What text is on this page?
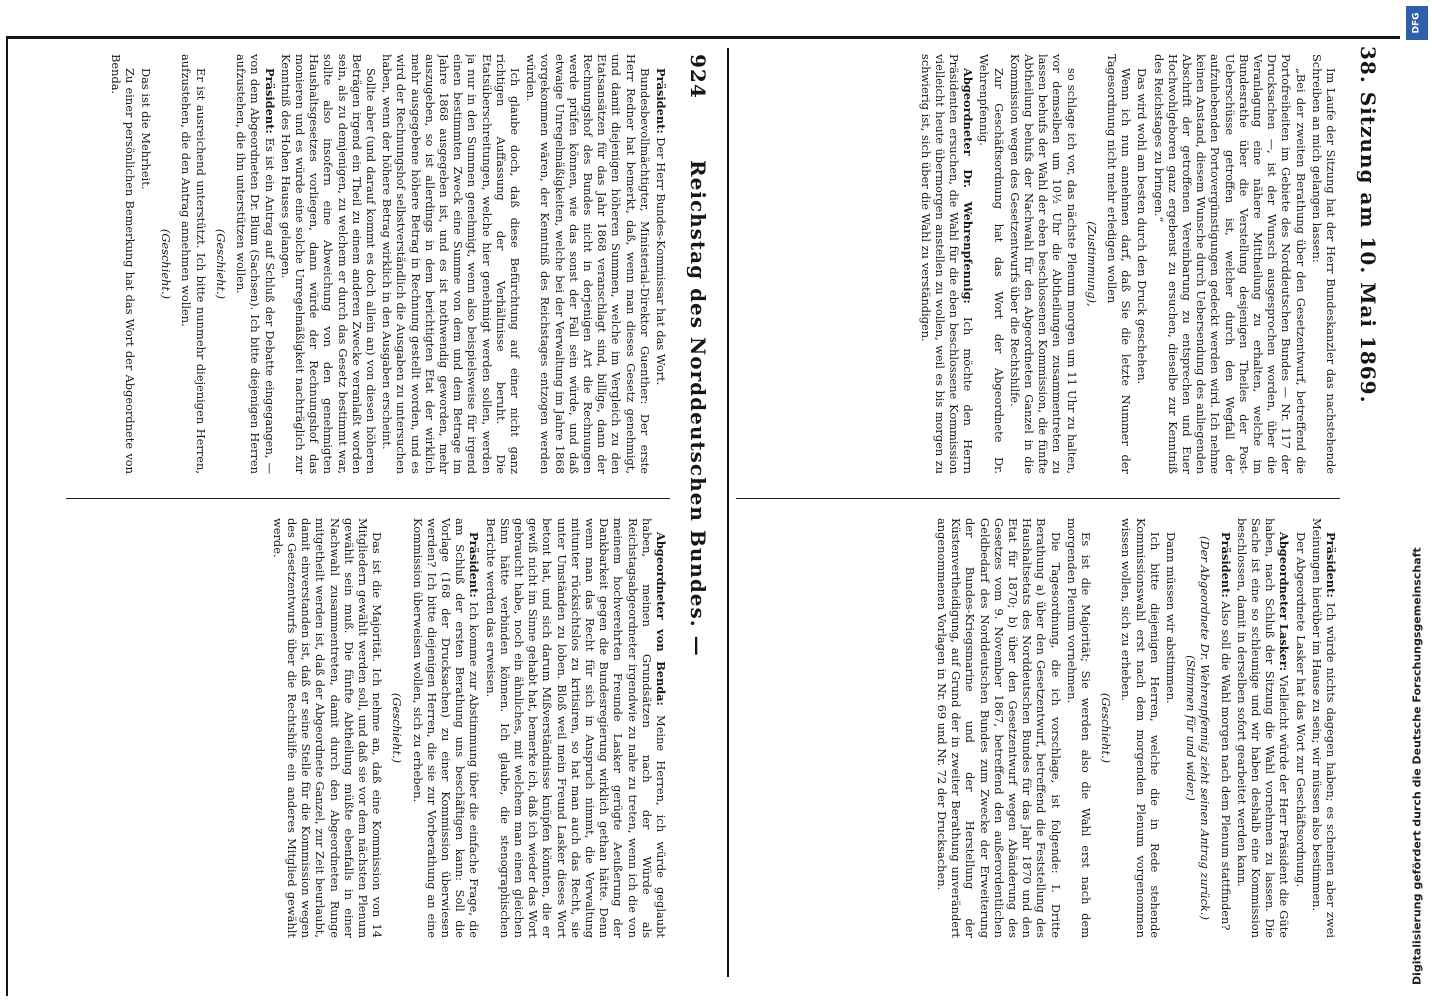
DFG
Digitalisierung gefördert durch die Deutsche Forschungsgemeinschaft
38. Sitzung am 10. Mai 1869.

Im Laufe der Sitzung hat der Herr Bundeskanzler das nachstehende Schreiben an mich gelangen lassen:

„Bei der zweiten Berathung über den Gesetzentwurf, betreffend die Portofreiheiten im Gebiete des Norddeutschen Bundes — Nr. 117 der Drucksachen —, ist der Wunsch ausgesprochen worden, über die Veranlagung eine nähere Mittheilung zu erhalten, welche im Bundesrathe über die Verstellung desjenigen Theiles der Post-Ueberschüsse getroffen ist, welcher durch den Wegfall der aufzuhebenden Portovergünstigungen gedeckt werden wird. Ich nehme keinen Anstand, diesem Wunsche durch Uebersendung des anliegenden Abschrift der getroffenen Vereinbarung zu entsprechen und Euer Hochwohlgeboren ganz ergebenst zu ersuchen, dieselbe zur Kenntniß des Reichstages zu bringen.“

Das wird wohl am besten durch den Druck geschehen.

Wenn ich nun annehmen darf, daß Sie die letzte Nummer der Tagesordnung nicht mehr erledigen wollen

(Zustimmung),

so schlage ich vor, das nächste Plenum morgen um 11 Uhr zu halten, vor demselben um 10½ Uhr die Abtheilungen zusammentreten zu lassen behufs der Wahl der eben beschlossenen Kommission, die fünfte Abtheilung behufs der Nachwahl für den Abgeordneten Ganzel in die Kommission wegen des Gesetzentwurfs über die Rechtshilfe.

Zur Geschäftsordnung hat das Wort der Abgeordnete Dr. Wehrenpfennig.

Abgeordneter Dr. Wehrenpfennig: Ich möchte den Herrn Präsidenten ersuchen, die Wahl für die eben beschlossene Kommission vielleicht heute übermorgen anstellen zu wollen, weil es bis morgen zu schwierig ist, sich über die Wahl zu verständigen.

Präsident: Ich würde nichts dagegen haben; es scheinen aber zwei Meinungen hierüber im Hause zu sein; wir müssen also bestimmen.

Der Abgeordnete Lasker hat das Wort zur Geschäftsordnung.

Abgeordneter Lasker: Vielleicht würde der Herr Präsident die Güte haben, nach Schluß der Sitzung die Wahl vornehmen zu lassen. Die Sache ist eine so schleunige und wir haben deshalb eine Kommission beschlossen, damit in derselben sofort gearbeitet werden kann.

Präsident: Also soll die Wahl morgen nach dem Plenum stattfinden?

(Der Abgeordnete Dr. Wehrenpfennig zieht seinen Antrag zurück.) (Stimmen für und wider.)

Dann müssen wir abstimmen.

Ich bitte diejenigen Herren, welche die in Rede stehende Kommissionswahl erst nach dem morgenden Plenum vorgenommen wissen wollen, sich zu erheben.

(Geschieht.)

Es ist die Majorität; Sie werden also die Wahl erst nach dem morgenden Plenum vornehmen.

Die Tagesordnung, die ich vorschlage, ist folgende: I. Dritte Berathung a) über den Gesetzentwurf, betreffend die Feststellung des Haushaltsetats des Norddeutschen Bundes für das Jahr 1870 und den Etat für 1870; b) über den Gesetzentwurf wegen Abänderung des Gesetzes vom 9. November 1867, betreffend den außerordentlichen Geldbedarf des Norddeutschen Bundes zum Zwecke der Erweiterung der Bundes-Kriegsmarine und der Herstellung der Küstenvertheidigung, auf Grund der in zweiter Berathung unverändert angenommenen Vorlagen in Nr. 69 und Nr. 72 der Drucksachen.

924
Reichstag des Norddeutschen Bundes. —

Präsident: Der Herr Bundes-Kommissar hat das Wort.

Bundesbevollmächtigter, Ministerial-Direktor Guenther: Der erste Herr Redner hat bemerkt, daß, wenn man dieses Gesetz genehmigt, und damit diejenigen höheren Summen, welche im Vergleich zu den Etatsansätzen für das Jahr 1868 veranschlagt sind, billige, dann der Rechnungshof des Bundes nicht in derjenigen Art die Rechnungen werde prüfen können, wie das sonst der Fall sein würde, und daß etwaige Unregelmäßigkeiten, welche bei der Verwaltung im Jahre 1868 vorgekommen wären, der Kenntniß des Reichstages entzogen werden würden.

Ich glaube doch, daß diese Befürchtung auf einer nicht ganz richtigen Auffassung der Verhältnisse beruht. Die Etatsüberschreitungen, welche hier genehmigt werden sollen, werden ja nur in den Summen genehmigt, wenn also beispielsweise für irgend einen bestimmten Zweck eine Summe von dem und dem Betrage im Jahre 1868 ausgegeben ist, und es ist nothwendig geworden, mehr auszugeben, so ist allerdings in dem berichtigten Etat der wirklich mehr ausgegebene höhere Betrag in Rechnung gestellt worden, und es wird der Rechnungshof selbstverständlich die Ausgaben zu untersuchen haben, wenn der höhere Betrag wirklich in den Ausgaben erscheint.

Sollte aber (und darauf kommt es doch allein an) von diesen höheren Beträgen irgend ein Theil zu einem anderen Zwecke veranlaßt worden sein, als zu demjenigen, zu welchem er durch das Gesetz bestimmt war, sollte also insofern eine Abweichung von den genehmigten Haushaltsgesetzes vorliegen, dann würde der Rechnungshof das monieren und es würde eine solche Unregelmäßigkeit nachträglich zur Kenntniß des Hohen Hauses gelangen.

Präsident: Es ist ein Antrag auf Schluß der Debatte eingegangen, — von dem Abgeordneten Dr. Blum (Sachsen). Ich bitte diejenigen Herren aufzustehen, die ihn unterstützen wollen.

(Geschieht.)

Er ist ausreichend unterstützt. Ich bitte nunmehr diejenigen Herren, aufzustehen, die den Antrag annehmen wollen.

(Geschieht.)

Das ist die Mehrheit.

Zu einer persönlichen Bemerkung hat das Wort der Abgeordnete von Benda.

Abgeordneter von Benda: Meine Herren, ich würde geglaubt haben, meinen Grundsätzen nach der Würde als Reichstagsabgeordneter irgendwie zu nahe zu treten, wenn ich die von meinem hochverehrten Freunde Lasker gerügte Aeußerung der Dankbarkeit gegen die Bundesregierung wirklich gethan hätte. Denn wenn man das Recht für sich in Anspruch nimmt, die Verwaltung mitunter rücksichtslos zu kritisiren, so hat man auch das Recht, sie unter Umständen zu loben. Bloß weil mein Freund Lasker dieses Wort betont hat, und sich darum Mißverständnisse knüpfen könnten, die er gewiß nicht im Sinne gehabt hat, bemerke ich, daß ich wieder das Wort gebraucht habe, noch ein ähnliches, mit welchem man einen gleichen Sinn hätte verbinden können. Ich glaube, die stenographischen Berichte werden das erweisen.

Präsident: Ich komme zur Abstimmung über die einfache Frage, die am Schluß der ersten Berathung uns beschäftigen kann: Soll die Vorlage (168 der Drucksachen) zu einer Kommission überwiesen werden? Ich bitte diejenigen Herren, die sie zur Vorberathung an eine Kommission überweisen wollen, sich zu erheben.

(Geschieht.)

Das ist die Majorität. Ich nehme an, daß eine Kommission von 14 Mitgliedern gewählt werden soll, und daß sie vor dem nächsten Plenum gewählt sein muß. Die fünfte Abtheilung müßte ebenfalls in einer Nachwahl zusammentreten, damit durch den Abgeordneten Runge mitgetheilt werden ist, daß der Abgeordnete Ganzel, zur Zeit beurlaubt, damit einverstanden ist, daß er seine Stelle für die Kommission wegen des Gesetzentwurfs über die Rechtshilfe ein anderes Mitglied gewählt werde.
